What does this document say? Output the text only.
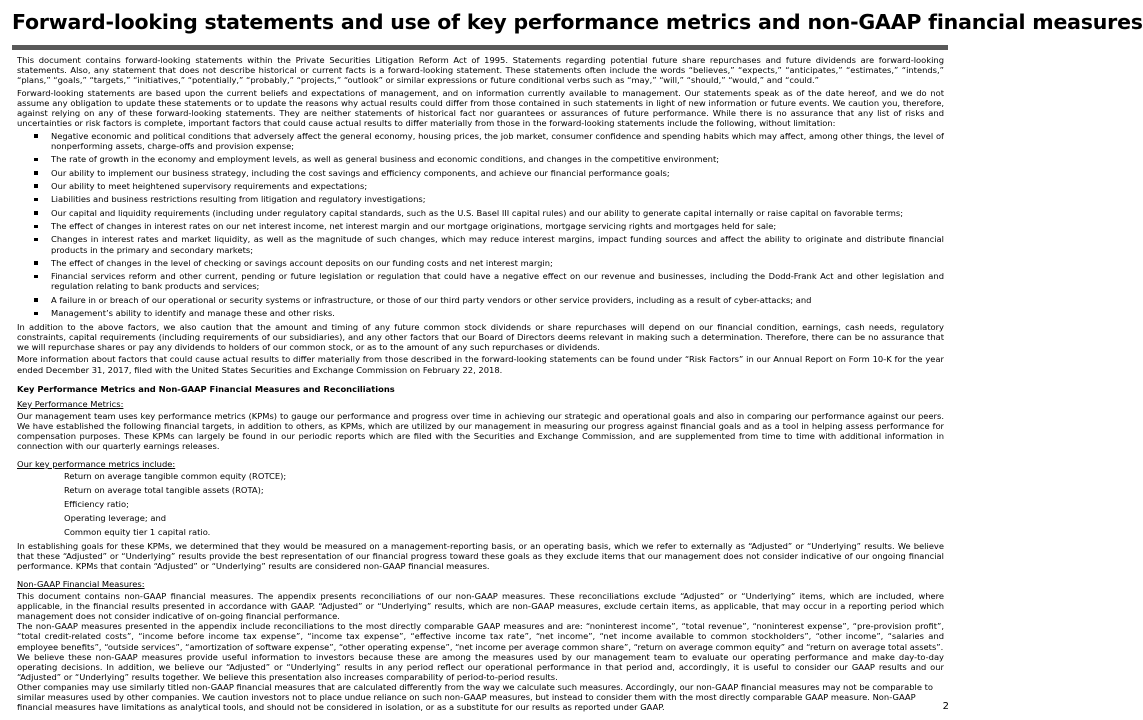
Forward-looking statements and use of key performance metrics and non-GAAP financial measures

This document contains forward-looking statements within the Private Securities Litigation Reform Act of 1995. Statements regarding potential future share repurchases and future dividends are forward-looking statements. Also, any statement that does not describe historical or current facts is a forward-looking statement. These statements often include the words “believes,” “expects,” “anticipates,” “estimates,” “intends,” “plans,” “goals,” “targets,” “initiatives,” “potentially,” “probably,” “projects,” “outlook” or similar expressions or future conditional verbs such as “may,” “will,” “should,” “would,” and “could.”

Forward-looking statements are based upon the current beliefs and expectations of management, and on information currently available to management. Our statements speak as of the date hereof, and we do not assume any obligation to update these statements or to update the reasons why actual results could differ from those contained in such statements in light of new information or future events. We caution you, therefore, against relying on any of these forward-looking statements. They are neither statements of historical fact nor guarantees or assurances of future performance. While there is no assurance that any list of risks and uncertainties or risk factors is complete, important factors that could cause actual results to differ materially from those in the forward-looking statements include the following, without limitation:

Negative economic and political conditions that adversely affect the general economy, housing prices, the job market, consumer confidence and spending habits which may affect, among other things, the level of nonperforming assets, charge-offs and provision expense;
The rate of growth in the economy and employment levels, as well as general business and economic conditions, and changes in the competitive environment;
Our ability to implement our business strategy, including the cost savings and efficiency components, and achieve our financial performance goals;
Our ability to meet heightened supervisory requirements and expectations;
Liabilities and business restrictions resulting from litigation and regulatory investigations;
Our capital and liquidity requirements (including under regulatory capital standards, such as the U.S. Basel III capital rules) and our ability to generate capital internally or raise capital on favorable terms;
The effect of changes in interest rates on our net interest income, net interest margin and our mortgage originations, mortgage servicing rights and mortgages held for sale;
Changes in interest rates and market liquidity, as well as the magnitude of such changes, which may reduce interest margins, impact funding sources and affect the ability to originate and distribute financial products in the primary and secondary markets;
The effect of changes in the level of checking or savings account deposits on our funding costs and net interest margin;
Financial services reform and other current, pending or future legislation or regulation that could have a negative effect on our revenue and businesses, including the Dodd-Frank Act and other legislation and regulation relating to bank products and services;
A failure in or breach of our operational or security systems or infrastructure, or those of our third party vendors or other service providers, including as a result of cyber-attacks; and
Management’s ability to identify and manage these and other risks.

In addition to the above factors, we also caution that the amount and timing of any future common stock dividends or share repurchases will depend on our financial condition, earnings, cash needs, regulatory constraints, capital requirements (including requirements of our subsidiaries), and any other factors that our Board of Directors deems relevant in making such a determination. Therefore, there can be no assurance that we will repurchase shares or pay any dividends to holders of our common stock, or as to the amount of any such repurchases or dividends.

More information about factors that could cause actual results to differ materially from those described in the forward-looking statements can be found under “Risk Factors” in our Annual Report on Form 10-K for the year ended December 31, 2017, filed with the United States Securities and Exchange Commission on February 22, 2018.

Key Performance Metrics and Non-GAAP Financial Measures and Reconciliations

Key Performance Metrics:

Our management team uses key performance metrics (KPMs) to gauge our performance and progress over time in achieving our strategic and operational goals and also in comparing our performance against our peers. We have established the following financial targets, in addition to others, as KPMs, which are utilized by our management in measuring our progress against financial goals and as a tool in helping assess performance for compensation purposes. These KPMs can largely be found in our periodic reports which are filed with the Securities and Exchange Commission, and are supplemented from time to time with additional information in connection with our quarterly earnings releases.

Our key performance metrics include:

Return on average tangible common equity (ROTCE);
Return on average total tangible assets (ROTA);
Efficiency ratio;
Operating leverage; and
Common equity tier 1 capital ratio.

In establishing goals for these KPMs, we determined that they would be measured on a management-reporting basis, or an operating basis, which we refer to externally as “Adjusted” or “Underlying” results. We believe that these “Adjusted” or “Underlying” results provide the best representation of our financial progress toward these goals as they exclude items that our management does not consider indicative of our ongoing financial performance. KPMs that contain “Adjusted” or “Underlying” results are considered non-GAAP financial measures.

Non-GAAP Financial Measures:

This document contains non-GAAP financial measures. The appendix presents reconciliations of our non-GAAP measures. These reconciliations exclude “Adjusted” or “Underlying” items, which are included, where applicable, in the financial results presented in accordance with GAAP. “Adjusted” or “Underlying” results, which are non-GAAP measures, exclude certain items, as applicable, that may occur in a reporting period which management does not consider indicative of on-going financial performance.

The non-GAAP measures presented in the appendix include reconciliations to the most directly comparable GAAP measures and are: “noninterest income”, “total revenue”, “noninterest expense”, “pre-provision profit”, “total credit-related costs”, “income before income tax expense”, “income tax expense”, “effective income tax rate”, “net income”, “net income available to common stockholders”, “other income”, “salaries and employee benefits”, “outside services”, “amortization of software expense”, “other operating expense”, “net income per average common share”, “return on average common equity” and “return on average total assets”.

We believe these non-GAAP measures provide useful information to investors because these are among the measures used by our management team to evaluate our operating performance and make day-to-day operating decisions. In addition, we believe our “Adjusted” or “Underlying” results in any period reflect our operational performance in that period and, accordingly, it is useful to consider our GAAP results and our “Adjusted” or “Underlying” results together. We believe this presentation also increases comparability of period-to-period results.

Other companies may use similarly titled non-GAAP financial measures that are calculated differently from the way we calculate such measures. Accordingly, our non-GAAP financial measures may not be comparable to similar measures used by other companies. We caution investors not to place undue reliance on such non-GAAP measures, but instead to consider them with the most directly comparable GAAP measure. Non-GAAP financial measures have limitations as analytical tools, and should not be considered in isolation, or as a substitute for our results as reported under GAAP.	2
